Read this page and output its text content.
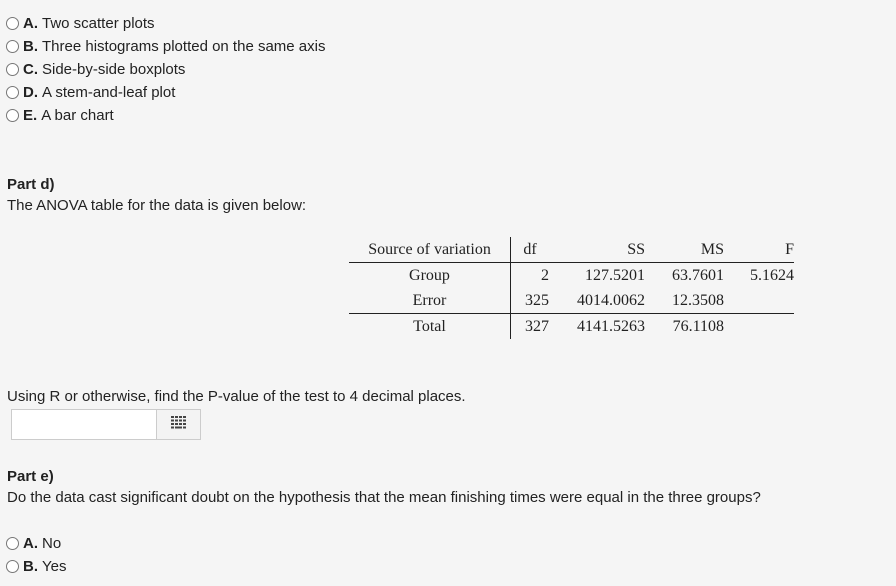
A. Two scatter plots
B. Three histograms plotted on the same axis
C. Side-by-side boxplots
D. A stem-and-leaf plot
E. A bar chart
Part d)
The ANOVA table for the data is given below:
Source of variation	df	SS	MS	F
Group	2	127.5201	63.7601	5.1624
Error	325	4014.0062	12.3508	
Total	327	4141.5263	76.1108	
Using R or otherwise, find the P-value of the test to 4 decimal places.
Part e)
Do the data cast significant doubt on the hypothesis that the mean finishing times were equal in the three groups?
A. No
B. Yes
